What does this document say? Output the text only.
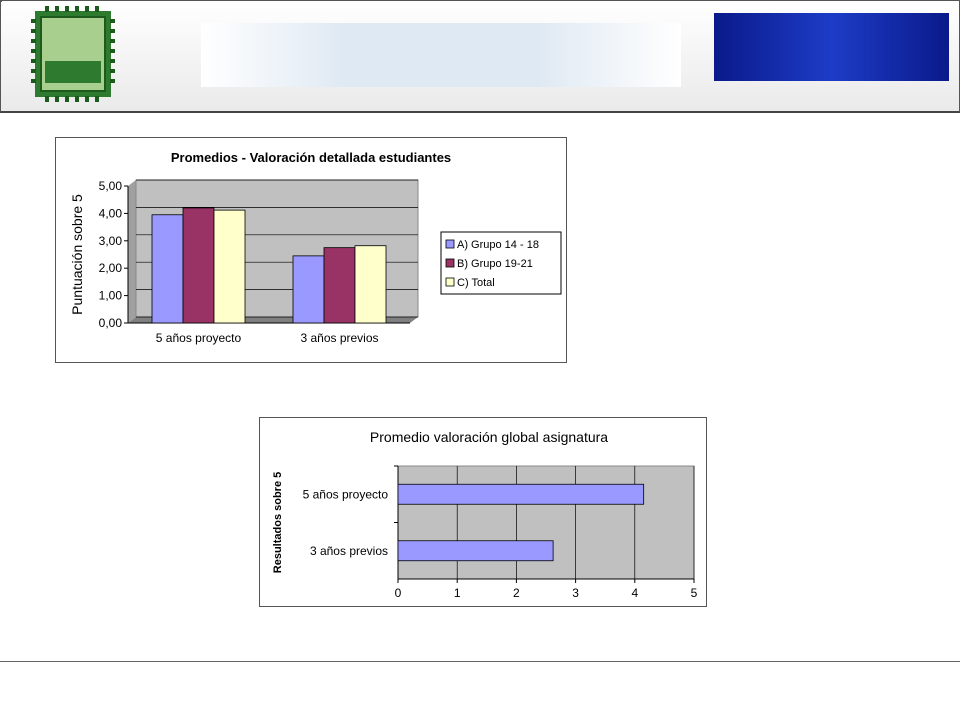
Promedios - Valoración detallada estudiantes
0,00
1,00
2,00
3,00
4,00
5,00
Puntuación sobre 5
5 años proyecto	3 años previos
A) Grupo 14 - 18
B) Grupo 19-21
C) Total
Promedio valoración global asignatura
0	1	2	3	4	5
Resultados sobre 5 5 años proyecto
3 años previos
